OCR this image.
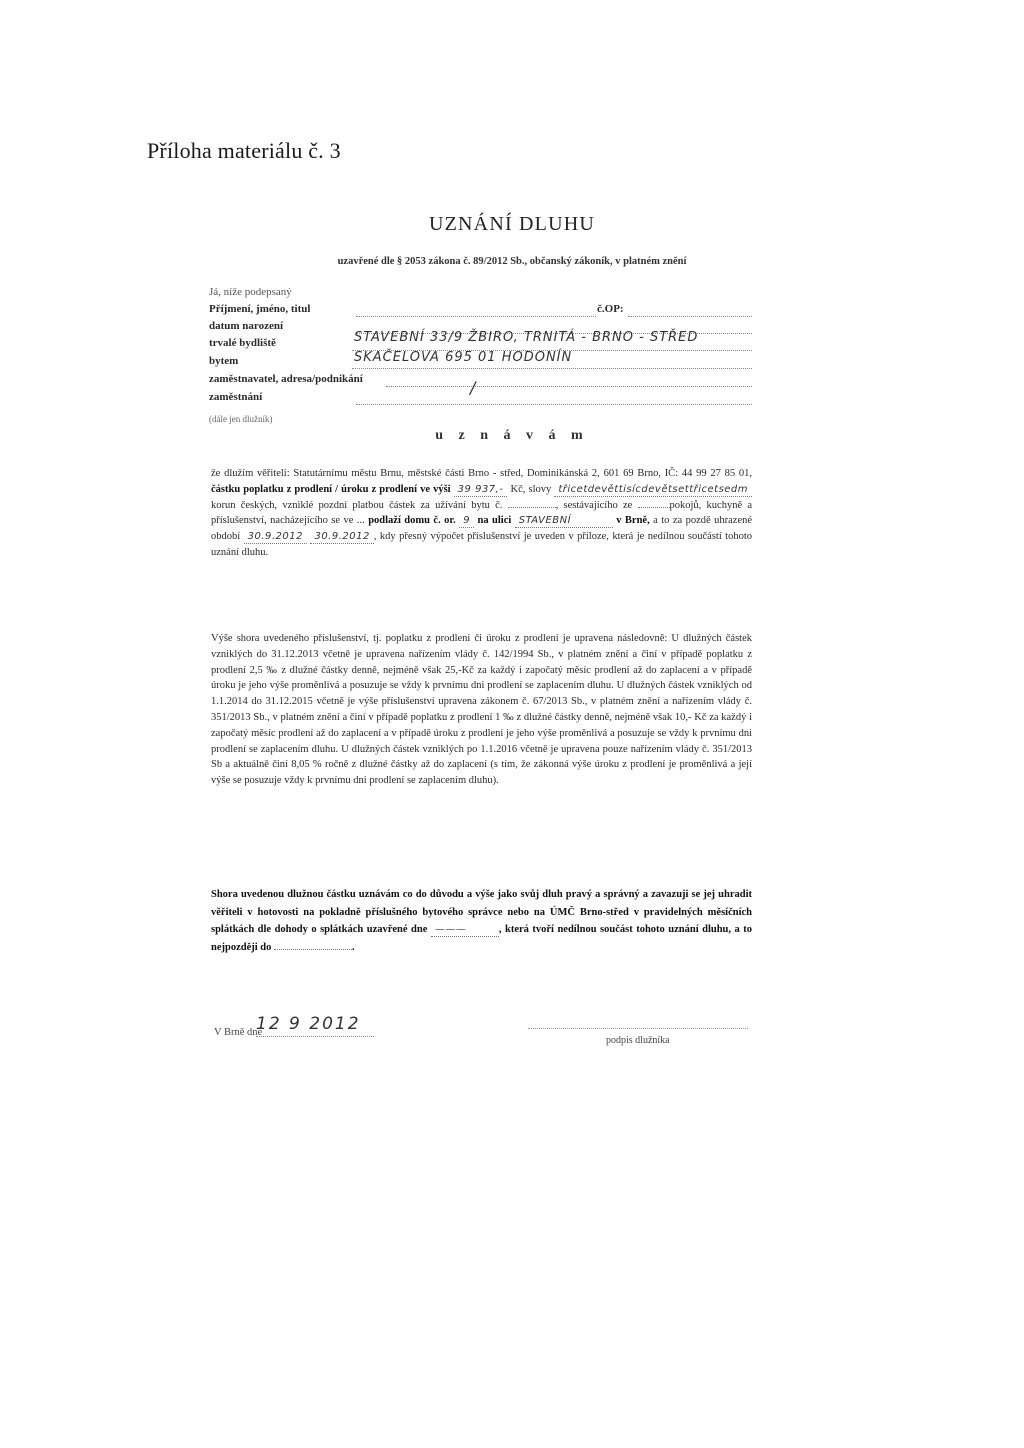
Příloha materiálu č. 3
UZNÁNÍ DLUHU
uzavřené dle § 2053 zákona č. 89/2012 Sb., občanský zákoník, v platném znění
Já, níže podepsaný
Příjmení, jméno, titul	č.OP:
datum narození
trvalé bydliště	STAVEBNÍ 33/9 ŽBIRO, TRNITÁ - BRNO - STŘED
bytem	SKAČELOVA 695 01 HODONÍN
zaměstnavatel, adresa/podnikání	/
zaměstnání
(dále jen dlužník)
u z n á v á m
že dlužím věřiteli: Statutárnímu městu Brnu, městské části Brno - střed, Dominikánská 2, 601 69 Brno, IČ: 44 99 27 85 01, částku poplatku z prodlení / úroku z prodlení ve výši 39 937,- Kč, slovy třicetdevěttisícdevětsettřicetsedm korun českých, vzniklé pozdní platbou částek za užívání bytu č.	, sestávajícího ze	pokojů, kuchyně a příslušenství, nacházejícího se ve ... podlaží domu č. or. 9 na ulici STAVEBNÍ	v Brně, a to za pozdě uhrazené období 30.9.2012 30.9.2012 , kdy přesný výpočet příslušenství je uveden v příloze, která je nedílnou součástí tohoto uznání dluhu.
Výše shora uvedeného příslušenství, tj. poplatku z prodlení či úroku z prodlení je upravena následovně: U dlužných částek vzniklých do 31.12.2013 včetně je upravena nařízením vlády č. 142/1994 Sb., v platném znění a činí v případě poplatku z prodlení 2,5 ‰ z dlužné částky denně, nejméně však 25,-Kč za každý i započatý měsíc prodlení až do zaplacení a v případě úroku je jeho výše proměnlivá a posuzuje se vždy k prvnímu dni prodlení se zaplacením dluhu. U dlužných částek vzniklých od 1.1.2014 do 31.12.2015 včetně je výše příslušenství upravena zákonem č. 67/2013 Sb., v platném znění a nařízením vlády č. 351/2013 Sb., v platném znění a činí v případě poplatku z prodlení 1 ‰ z dlužné částky denně, nejméně však 10,- Kč za každý i započatý měsíc prodlení až do zaplacení a v případě úroku z prodlení je jeho výše proměnlivá a posuzuje se vždy k prvnímu dni prodlení se zaplacením dluhu. U dlužných částek vzniklých po 1.1.2016 včetně je upravena pouze nařízením vlády č. 351/2013 Sb a aktuálně činí 8,05 % ročně z dlužné částky až do zaplacení (s tím, že zákonná výše úroku z prodlení je proměnlivá a její výše se posuzuje vždy k prvnímu dni prodlení se zaplacením dluhu).
Shora uvedenou dlužnou částku uznávám co do důvodu a výše jako svůj dluh pravý a správný a zavazuji se jej uhradit věřiteli v hotovosti na pokladně příslušného bytového správce nebo na ÚMČ Brno-střed v pravidelných měsíčních splátkách dle dohody o splátkách uzavřené dne ———	, která tvoří nedílnou součást tohoto uznání dluhu, a to nejpozději do	.
V Brně dne
12 9 2012
podpis dlužníka
